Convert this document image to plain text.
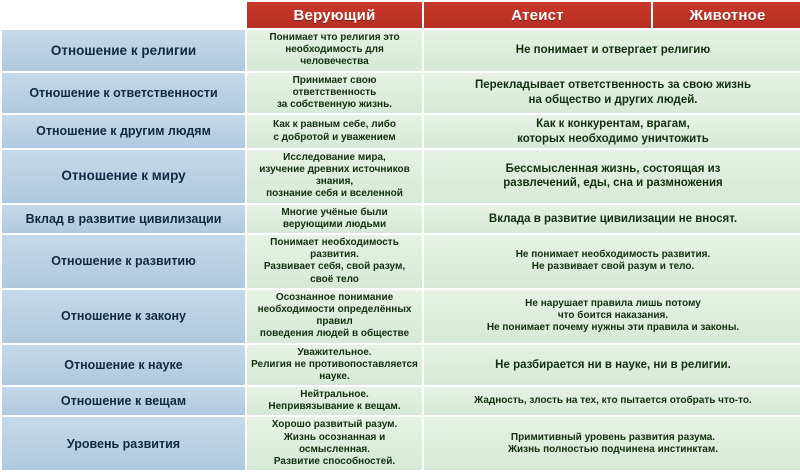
	Верующий	Атеист	Животное
Отношение к религии	Понимает что религия это
необходимость для человечества	Не понимает и отвергает религию	

Отношение к ответственности	Принимает свою ответственность
за собственную жизнь.	Перекладывает ответственность за свою жизнь
на общество и других людей.	

Отношение к другим людям	Как к равным себе, либо
с добротой и уважением	Как к конкурентам, врагам,
которых необходимо уничтожить	

Отношение к миру	Исследование мира,
изучение древних источников знания,
познание себя и вселенной	Бессмысленная жизнь, состоящая из
развлечений, еды, сна и размножения	

Вклад в развитие цивилизации	Многие учёные были
верующими людьми	Вклада в развитие цивилизации не вносят.	

Отношение к развитию	Понимает необходимость развития.
Развивает себя, свой разум, своё тело	Не понимает необходимость развития.
Не развивает свой разум и тело.	

Отношение к закону	Осознанное понимание
необходимости определённых правил
поведения людей в обществе	Не нарушает правила лишь потому
что боится наказания.
Не понимает почему нужны эти правила и законы.	

Отношение к науке	Уважительное.
Религия не противопоставляется науке.	Не разбирается ни в науке, ни в религии.	

Отношение к вещам	Нейтральное.
Непривязывание к вещам.	Жадность, злость на тех, кто пытается отобрать что-то.	

Уровень развития	Хорошо развитый разум.
Жизнь осознанная и осмысленная.
Развитие способностей.	Примитивный уровень развития разума.
Жизнь полностью подчинена инстинктам.	
